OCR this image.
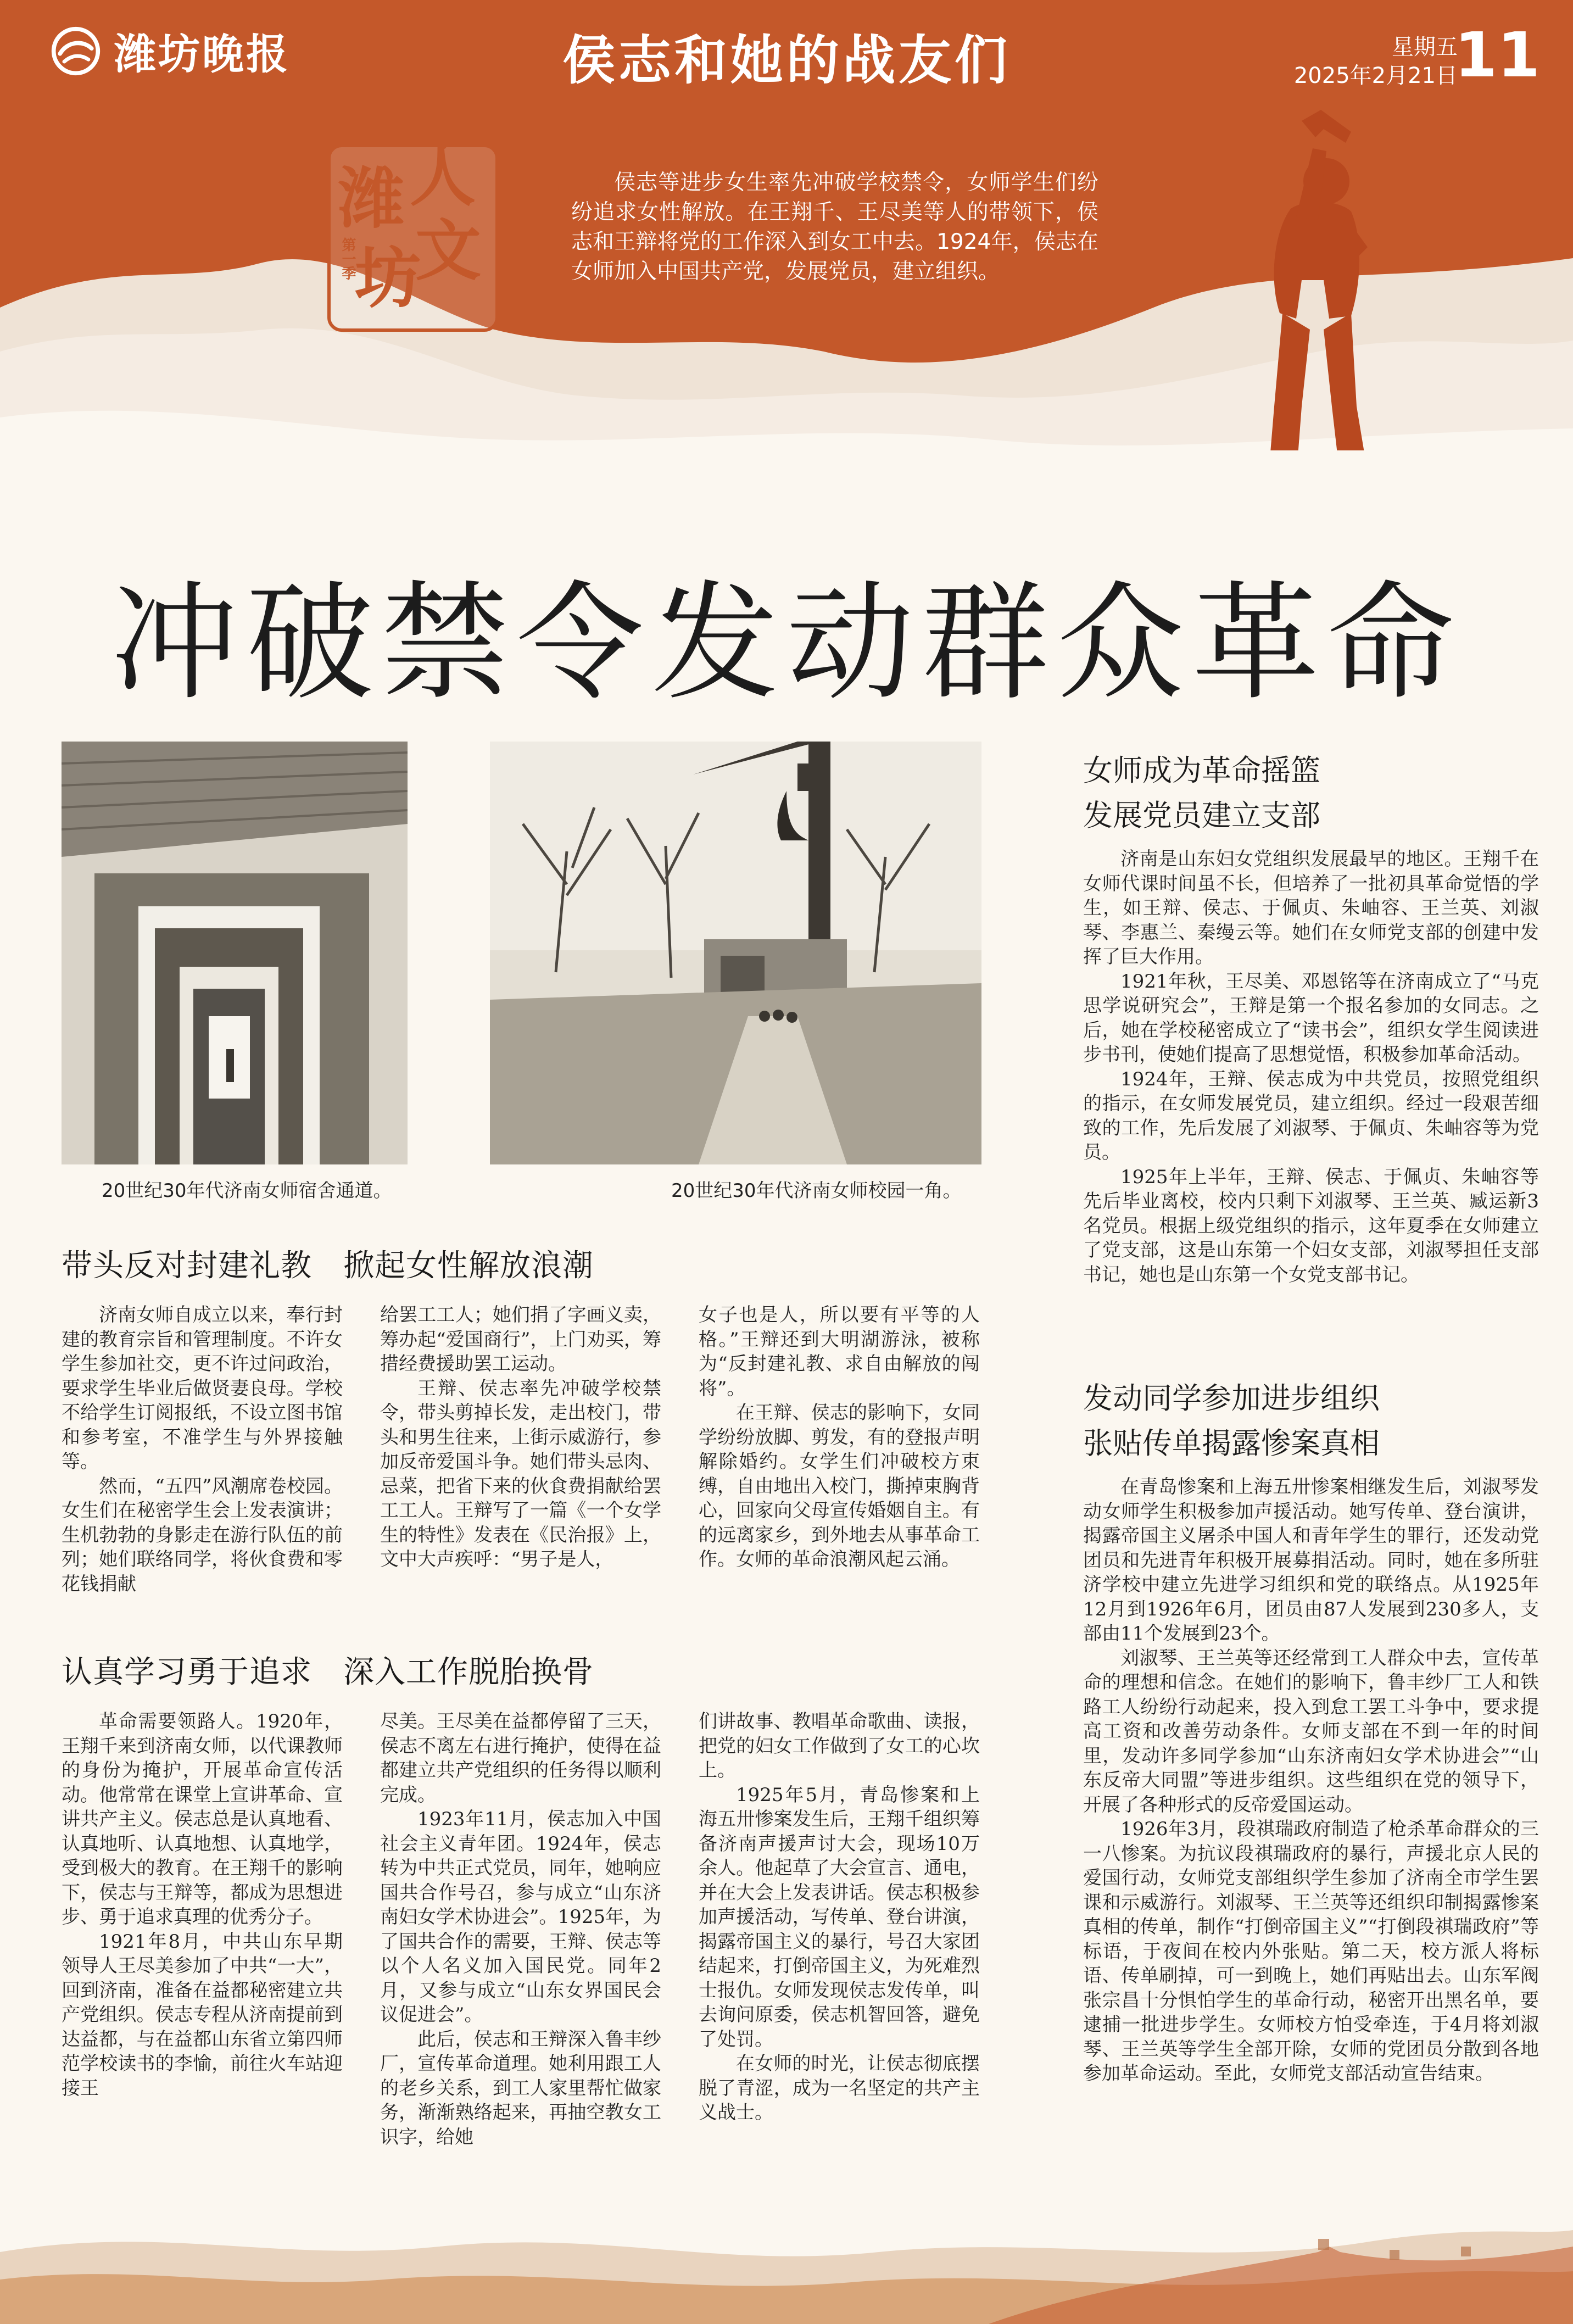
潍坊晚报	侯志和她的战友们	星期五
2025年2月21日
11
潍 人
坊
文
第一季
侯志等进步女生率先冲破学校禁令，女师学生们纷纷追求女性解放。在王翔千、王尽美等人的带领下，侯志和王辩将党的工作深入到女工中去。1924年，侯志在女师加入中国共产党，发展党员，建立组织。
冲破禁令发动群众革命
20世纪30年代济南女师宿舍通道。	20世纪30年代济南女师校园一角。
带头反对封建礼教　掀起女性解放浪潮

济南女师自成立以来，奉行封建的教育宗旨和管理制度。不许女学生参加社交，更不许过问政治，要求学生毕业后做贤妻良母。学校不给学生订阅报纸，不设立图书馆和参考室，不准学生与外界接触等。

然而，“五四”风潮席卷校园。女生们在秘密学生会上发表演讲；生机勃勃的身影走在游行队伍的前列；她们联络同学，将伙食费和零花钱捐献

给罢工工人；她们捐了字画义卖，筹办起“爱国商行”，上门劝买，筹措经费援助罢工运动。

王辩、侯志率先冲破学校禁令，带头剪掉长发，走出校门，带头和男生往来，上街示威游行，参加反帝爱国斗争。她们带头忌肉、忌菜，把省下来的伙食费捐献给罢工工人。王辩写了一篇《一个女学生的特性》发表在《民治报》上，文中大声疾呼：“男子是人，

女子也是人，所以要有平等的人格。”王辩还到大明湖游泳，被称为“反封建礼教、求自由解放的闯将”。

在王辩、侯志的影响下，女同学纷纷放脚、剪发，有的登报声明解除婚约。女学生们冲破校方束缚，自由地出入校门，撕掉束胸背心，回家向父母宣传婚姻自主。有的远离家乡，到外地去从事革命工作。女师的革命浪潮风起云涌。

认真学习勇于追求　深入工作脱胎换骨

革命需要领路人。1920年，王翔千来到济南女师，以代课教师的身份为掩护，开展革命宣传活动。他常常在课堂上宣讲革命、宣讲共产主义。侯志总是认真地看、认真地听、认真地想、认真地学，受到极大的教育。在王翔千的影响下，侯志与王辩等，都成为思想进步、勇于追求真理的优秀分子。

1921年8月，中共山东早期领导人王尽美参加了中共“一大”，回到济南，准备在益都秘密建立共产党组织。侯志专程从济南提前到达益都，与在益都山东省立第四师范学校读书的李愉，前往火车站迎接王

尽美。王尽美在益都停留了三天，侯志不离左右进行掩护，使得在益都建立共产党组织的任务得以顺利完成。

1923年11月，侯志加入中国社会主义青年团。1924年，侯志转为中共正式党员，同年，她响应国共合作号召，参与成立“山东济南妇女学术协进会”。1925年，为了国共合作的需要，王辩、侯志等以个人名义加入国民党。同年2月，又参与成立“山东女界国民会议促进会”。

此后，侯志和王辩深入鲁丰纱厂，宣传革命道理。她利用跟工人的老乡关系，到工人家里帮忙做家务，渐渐熟络起来，再抽空教女工识字，给她

们讲故事、教唱革命歌曲、读报，把党的妇女工作做到了女工的心坎上。

1925年5月，青岛惨案和上海五卅惨案发生后，王翔千组织筹备济南声援声讨大会，现场10万余人。他起草了大会宣言、通电，并在大会上发表讲话。侯志积极参加声援活动，写传单、登台讲演，揭露帝国主义的暴行，号召大家团结起来，打倒帝国主义，为死难烈士报仇。女师发现侯志发传单，叫去询问原委，侯志机智回答，避免了处罚。

在女师的时光，让侯志彻底摆脱了青涩，成为一名坚定的共产主义战士。

女师成为革命摇篮
发展党员建立支部

济南是山东妇女党组织发展最早的地区。王翔千在女师代课时间虽不长，但培养了一批初具革命觉悟的学生，如王辩、侯志、于佩贞、朱岫容、王兰英、刘淑琴、李惠兰、秦缦云等。她们在女师党支部的创建中发挥了巨大作用。

1921年秋，王尽美、邓恩铭等在济南成立了“马克思学说研究会”，王辩是第一个报名参加的女同志。之后，她在学校秘密成立了“读书会”，组织女学生阅读进步书刊，使她们提高了思想觉悟，积极参加革命活动。

1924年，王辩、侯志成为中共党员，按照党组织的指示，在女师发展党员，建立组织。经过一段艰苦细致的工作，先后发展了刘淑琴、于佩贞、朱岫容等为党员。

1925年上半年，王辩、侯志、于佩贞、朱岫容等先后毕业离校，校内只剩下刘淑琴、王兰英、臧运新3名党员。根据上级党组织的指示，这年夏季在女师建立了党支部，这是山东第一个妇女支部，刘淑琴担任支部书记，她也是山东第一个女党支部书记。

发动同学参加进步组织
张贴传单揭露惨案真相

在青岛惨案和上海五卅惨案相继发生后，刘淑琴发动女师学生积极参加声援活动。她写传单、登台演讲，揭露帝国主义屠杀中国人和青年学生的罪行，还发动党团员和先进青年积极开展募捐活动。同时，她在多所驻济学校中建立先进学习组织和党的联络点。从1925年12月到1926年6月，团员由87人发展到230多人，支部由11个发展到23个。

刘淑琴、王兰英等还经常到工人群众中去，宣传革命的理想和信念。在她们的影响下，鲁丰纱厂工人和铁路工人纷纷行动起来，投入到怠工罢工斗争中，要求提高工资和改善劳动条件。女师支部在不到一年的时间里，发动许多同学参加“山东济南妇女学术协进会”“山东反帝大同盟”等进步组织。这些组织在党的领导下，开展了各种形式的反帝爱国运动。

1926年3月，段祺瑞政府制造了枪杀革命群众的三一八惨案。为抗议段祺瑞政府的暴行，声援北京人民的爱国行动，女师党支部组织学生参加了济南全市学生罢课和示威游行。刘淑琴、王兰英等还组织印制揭露惨案真相的传单，制作“打倒帝国主义”“打倒段祺瑞政府”等标语，于夜间在校内外张贴。第二天，校方派人将标语、传单刷掉，可一到晚上，她们再贴出去。山东军阀张宗昌十分惧怕学生的革命行动，秘密开出黑名单，要逮捕一批进步学生。女师校方怕受牵连，于4月将刘淑琴、王兰英等学生全部开除，女师的党团员分散到各地参加革命运动。至此，女师党支部活动宣告结束。
